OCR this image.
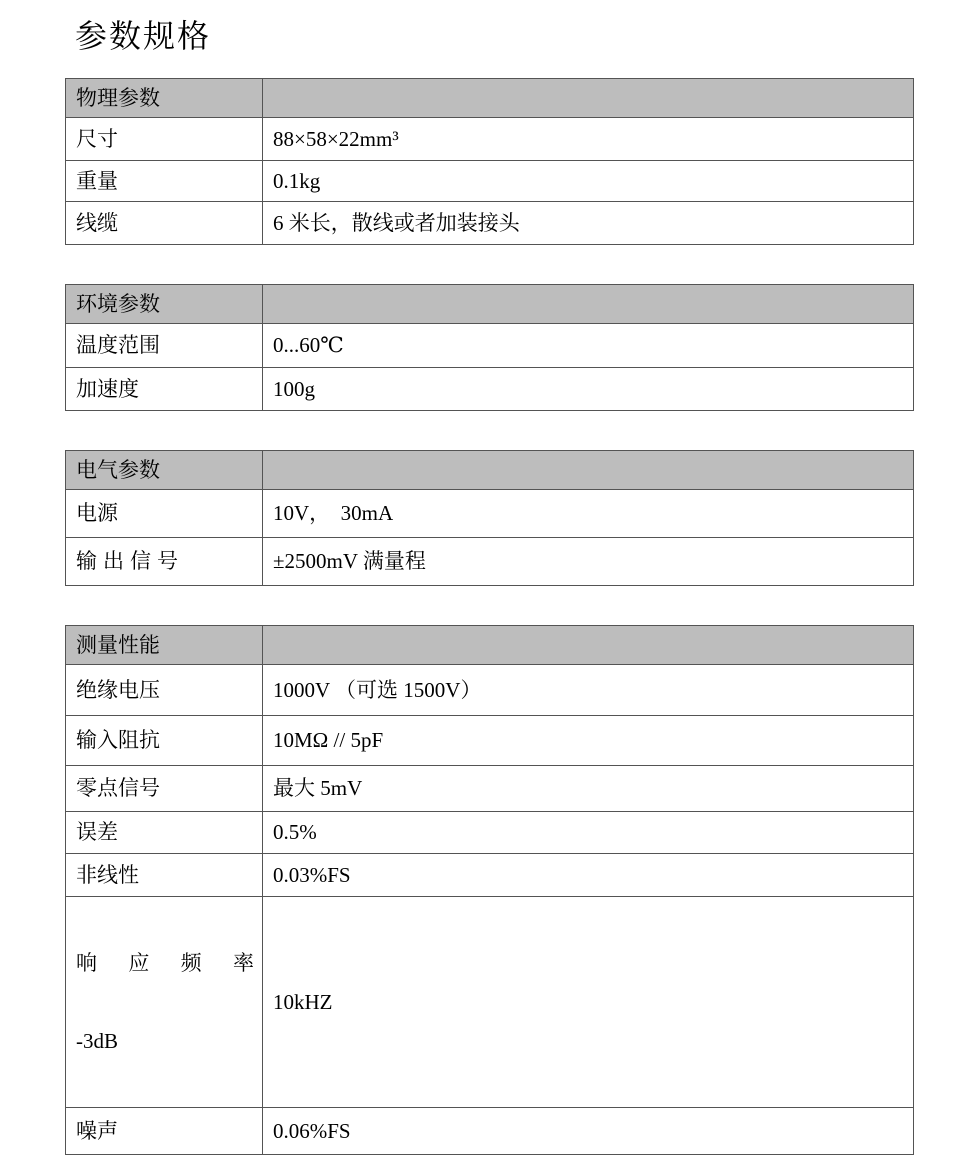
参数规格
物理参数	
尺寸	88×58×22mm³
重量	0.1kg
线缆	6 米长，散线或者加装接头
环境参数	
温度范围	0...60℃
加速度	100g
电气参数	
电源	10V，  30mA
输出信号	±2500mV 满量程
测量性能	
绝缘电压	1000V （可选 1500V）
输入阻抗	10MΩ // 5pF
零点信号	最大 5mV
误差	0.5%
非线性	0.03%FS

响应频率

-3dB	10kHZ
噪声	0.06%FS
